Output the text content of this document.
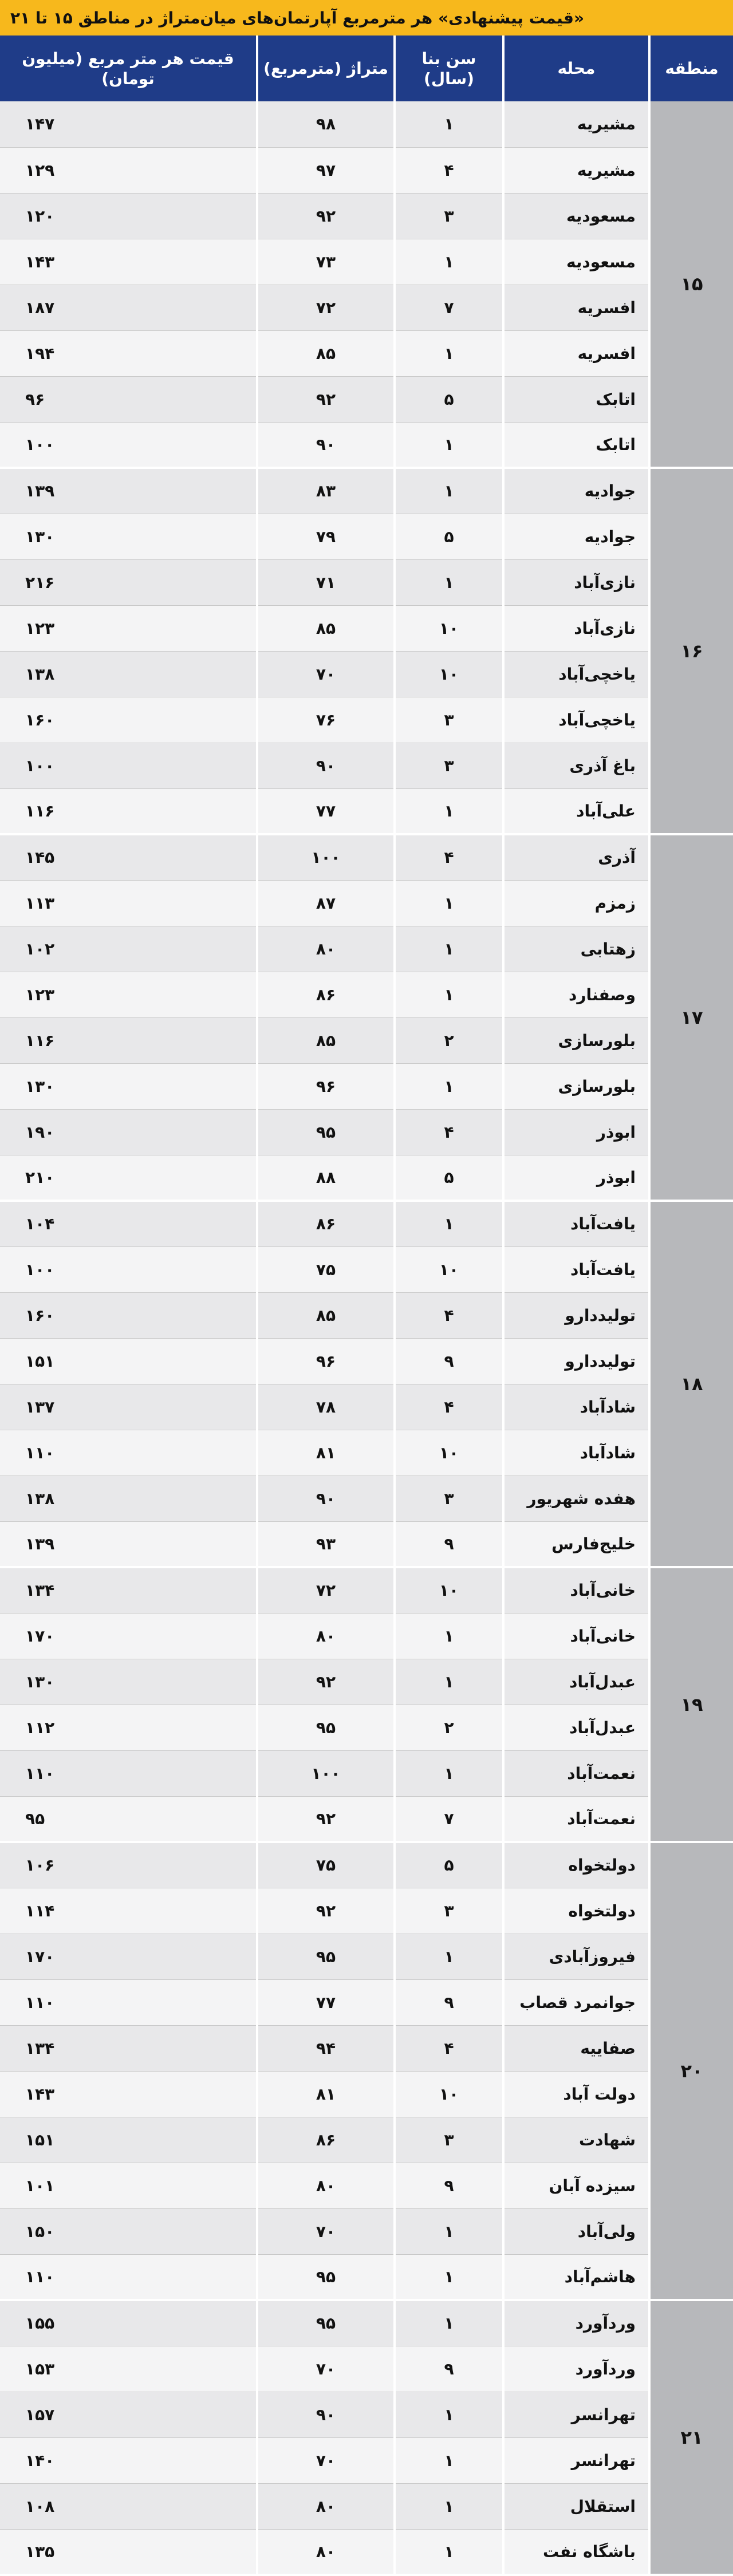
«قیمت پیشنهادی» هر مترمربع آپارتمان‌های میان‌متراژ در مناطق ۱۵ تا ۲۱
منطقه	محله	سن بنا (سال)	متراژ (مترمربع)	قیمت هر متر مربع (میلیون تومان)
۱۵	مشیریه	۱	۹۸	۱۴۷
	مشیریه	۴	۹۷	۱۲۹
	مسعودیه	۳	۹۲	۱۲۰
	مسعودیه	۱	۷۳	۱۴۳
	افسریه	۷	۷۲	۱۸۷
	افسریه	۱	۸۵	۱۹۴
	اتابک	۵	۹۲	۹۶
	اتابک	۱	۹۰	۱۰۰
۱۶	جوادیه	۱	۸۳	۱۳۹
	جوادیه	۵	۷۹	۱۳۰
	نازی‌آباد	۱	۷۱	۲۱۶
	نازی‌آباد	۱۰	۸۵	۱۲۳
	یاخچی‌آباد	۱۰	۷۰	۱۳۸
	یاخچی‌آباد	۳	۷۶	۱۶۰
	باغ آذری	۳	۹۰	۱۰۰
	علی‌آباد	۱	۷۷	۱۱۶
۱۷	آذری	۴	۱۰۰	۱۴۵
	زمزم	۱	۸۷	۱۱۳
	زهتابی	۱	۸۰	۱۰۲
	وصفنارد	۱	۸۶	۱۲۳
	بلورسازی	۲	۸۵	۱۱۶
	بلورسازی	۱	۹۶	۱۳۰
	ابوذر	۴	۹۵	۱۹۰
	ابوذر	۵	۸۸	۲۱۰
۱۸	یافت‌آباد	۱	۸۶	۱۰۴
	یافت‌آباد	۱۰	۷۵	۱۰۰
	تولیددارو	۴	۸۵	۱۶۰
	تولیددارو	۹	۹۶	۱۵۱
	شادآباد	۴	۷۸	۱۳۷
	شادآباد	۱۰	۸۱	۱۱۰
	هفده شهریور	۳	۹۰	۱۳۸
	خلیج‌فارس	۹	۹۳	۱۳۹
۱۹	خانی‌آباد	۱۰	۷۲	۱۳۴
	خانی‌آباد	۱	۸۰	۱۷۰
	عبدل‌آباد	۱	۹۲	۱۳۰
	عبدل‌آباد	۲	۹۵	۱۱۲
	نعمت‌آباد	۱	۱۰۰	۱۱۰
	نعمت‌آباد	۷	۹۲	۹۵
۲۰	دولتخواه	۵	۷۵	۱۰۶
	دولتخواه	۳	۹۲	۱۱۴
	فیروزآبادی	۱	۹۵	۱۷۰
	جوانمرد قصاب	۹	۷۷	۱۱۰
	صفاییه	۴	۹۴	۱۳۴
	دولت آباد	۱۰	۸۱	۱۴۳
	شهادت	۳	۸۶	۱۵۱
	سیزده آبان	۹	۸۰	۱۰۱
	ولی‌آباد	۱	۷۰	۱۵۰
	هاشم‌آباد	۱	۹۵	۱۱۰
۲۱	وردآورد	۱	۹۵	۱۵۵
	وردآورد	۹	۷۰	۱۵۳
	تهرانسر	۱	۹۰	۱۵۷
	تهرانسر	۱	۷۰	۱۴۰
	استقلال	۱	۸۰	۱۰۸
	باشگاه نفت	۱	۸۰	۱۳۵
